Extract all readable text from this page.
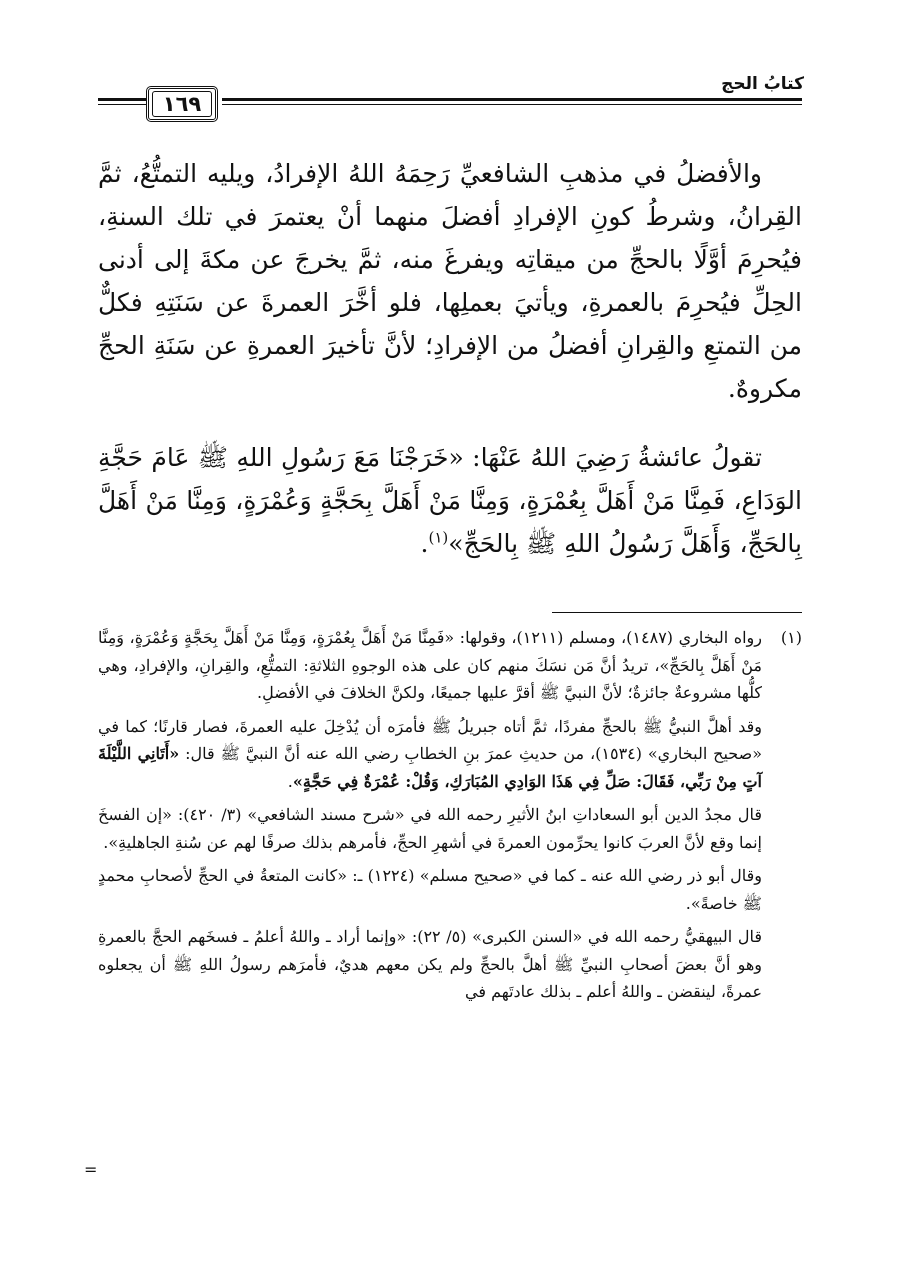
كتابُ الحج
١٦٩
والأفضلُ في مذهبِ الشافعيِّ رَحِمَهُ اللهُ الإفرادُ، ويليه التمتُّعُ، ثمَّ القِرانُ، وشرطُ كونِ الإفرادِ أفضلَ منهما أنْ يعتمرَ في تلك السنةِ، فيُحرِمَ أوَّلًا بالحجِّ من ميقاتِه ويفرغَ منه، ثمَّ يخرجَ عن مكةَ إلى أدنى الحِلِّ فيُحرِمَ بالعمرةِ، ويأتيَ بعملِها، فلو أخَّرَ العمرةَ عن سَنَتِهِ فكلٌّ من التمتعِ والقِرانِ أفضلُ من الإفرادِ؛ لأنَّ تأخيرَ العمرةِ عن سَنَةِ الحجِّ مكروهٌ.
تقولُ عائشةُ رَضِيَ اللهُ عَنْهَا: «خَرَجْنَا مَعَ رَسُولِ اللهِ ﷺ عَامَ حَجَّةِ الوَدَاعِ، فَمِنَّا مَنْ أَهَلَّ بِعُمْرَةٍ، وَمِنَّا مَنْ أَهَلَّ بِحَجَّةٍ وَعُمْرَةٍ، وَمِنَّا مَنْ أَهَلَّ بِالحَجِّ، وَأَهَلَّ رَسُولُ اللهِ ﷺ بِالحَجِّ»$^{(١)}$.

(١)رواه البخاري (١٤٨٧)، ومسلم (١٢١١)، وقولها: «فَمِنَّا مَنْ أَهَلَّ بِعُمْرَةٍ، وَمِنَّا مَنْ أَهَلَّ بِحَجَّةٍ وَعُمْرَةٍ، وَمِنَّا مَنْ أَهَلَّ بِالحَجِّ»، تريدُ أنَّ مَن نسَكَ منهم كان على هذه الوجوهِ الثلاثةِ: التمتُّعِ، والقِرانِ، والإفرادِ، وهي كلُّها مشروعةٌ جائزةٌ؛ لأنَّ النبيَّ ﷺ أقرَّ عليها جميعًا، ولكنَّ الخلافَ في الأفضلِ.

وقد أهلَّ النبيُّ ﷺ بالحجِّ مفردًا، ثمَّ أتاه جبريلُ ﷺ فأمرَه أن يُدْخِلَ عليه العمرةَ، فصار قارنًا؛ كما في «صحيح البخاري» (١٥٣٤)، من حديثِ عمرَ بنِ الخطابِ رضي الله عنه أنَّ النبيَّ ﷺ قال: «أَتَانِي اللَّيْلَةَ آتٍ مِنْ رَبِّي، فَقَالَ: صَلِّ فِي هَذَا الوَادِي المُبَارَكِ، وَقُلْ: عُمْرَةٌ فِي حَجَّةٍ».

قال مجدُ الدين أبو السعاداتِ ابنُ الأثيرِ رحمه الله في «شرح مسند الشافعي» (٣/ ٤٢٠): «إن الفسخَ إنما وقع لأنَّ العربَ كانوا يحرِّمون العمرةَ في أشهرِ الحجِّ، فأمرهم بذلك صرفًا لهم عن سُنةِ الجاهليةِ».

وقال أبو ذر رضي الله عنه ـ كما في «صحيح مسلم» (١٢٢٤) ـ: «كانت المتعةُ في الحجِّ لأصحابِ محمدٍ ﷺ خاصةً».

قال البيهقيُّ رحمه الله في «السنن الكبرى» (٥/ ٢٢): «وإنما أراد ـ واللهُ أعلمُ ـ فسخَهم الحجَّ بالعمرةِ وهو أنَّ بعضَ أصحابِ النبيِّ ﷺ أهلَّ بالحجِّ ولم يكن معهم هديٌ، فأمرَهم رسولُ اللهِ ﷺ أن يجعلوه عمرةً، لينقضن ـ واللهُ أعلم ـ بذلك عادتَهم في

=
